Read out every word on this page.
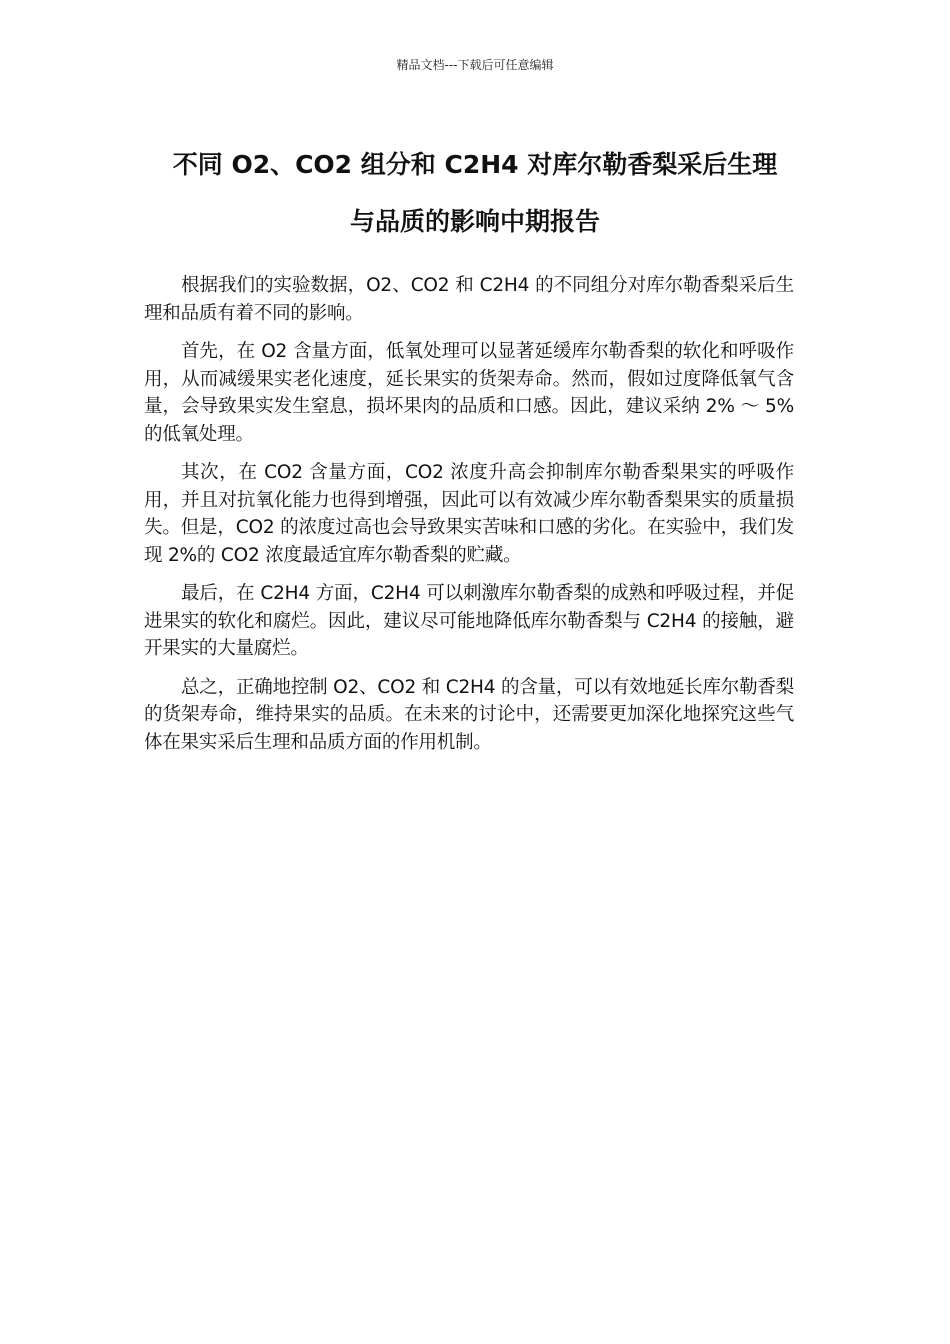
精品文档---下载后可任意编辑
不同 O2、CO2 组分和 C2H4 对库尔勒香梨采后生理
与品质的影响中期报告

根据我们的实验数据，O2、CO2 和 C2H4 的不同组分对库尔勒香梨采后生理和品质有着不同的影响。

首先，在 O2 含量方面，低氧处理可以显著延缓库尔勒香梨的软化和呼吸作用，从而减缓果实老化速度，延长果实的货架寿命。然而，假如过度降低氧气含量，会导致果实发生窒息，损坏果肉的品质和口感。因此，建议采纳 2% ～ 5%的低氧处理。

其次，在 CO2 含量方面，CO2 浓度升高会抑制库尔勒香梨果实的呼吸作用，并且对抗氧化能力也得到增强，因此可以有效减少库尔勒香梨果实的质量损失。但是，CO2 的浓度过高也会导致果实苦味和口感的劣化。在实验中，我们发现 2%的 CO2 浓度最适宜库尔勒香梨的贮藏。

最后，在 C2H4 方面，C2H4 可以刺激库尔勒香梨的成熟和呼吸过程，并促进果实的软化和腐烂。因此，建议尽可能地降低库尔勒香梨与 C2H4 的接触，避开果实的大量腐烂。

总之，正确地控制 O2、CO2 和 C2H4 的含量，可以有效地延长库尔勒香梨的货架寿命，维持果实的品质。在未来的讨论中，还需要更加深化地探究这些气体在果实采后生理和品质方面的作用机制。
